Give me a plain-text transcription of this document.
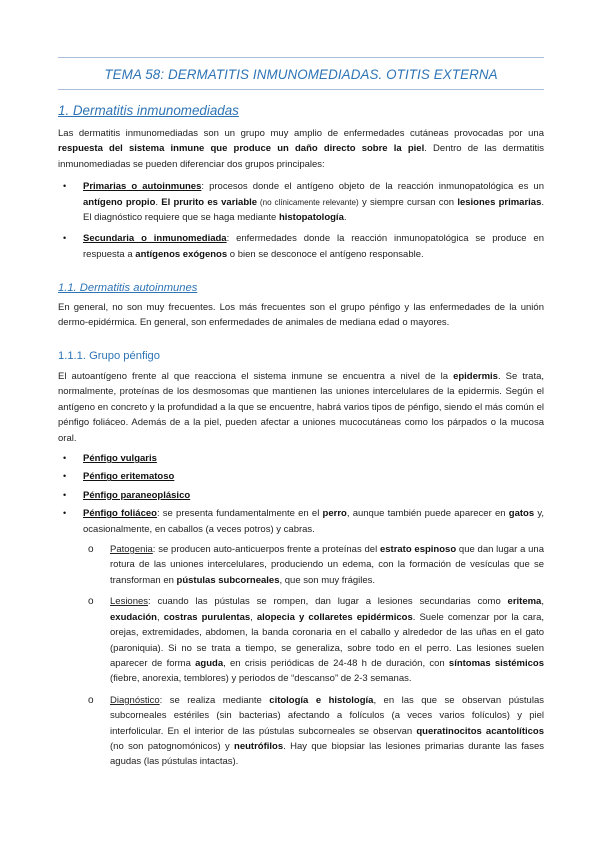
TEMA 58: DERMATITIS INMUNOMEDIADAS. OTITIS EXTERNA
1. Dermatitis inmunomediadas

Las dermatitis inmunomediadas son un grupo muy amplio de enfermedades cutáneas provocadas por una respuesta del sistema inmune que produce un daño directo sobre la piel. Dentro de las dermatitis inmunomediadas se pueden diferenciar dos grupos principales:

• Primarias o autoinmunes: procesos donde el antígeno objeto de la reacción inmunopatológica es un antígeno propio. El prurito es variable (no clínicamente relevante) y siempre cursan con lesiones primarias. El diagnóstico requiere que se haga mediante histopatología.
• Secundaria o inmunomediada: enfermedades donde la reacción inmunopatológica se produce en respuesta a antígenos exógenos o bien se desconoce el antígeno responsable.
1.1. Dermatitis autoinmunes

En general, no son muy frecuentes. Los más frecuentes son el grupo pénfigo y las enfermedades de la unión dermo-epidérmica. En general, son enfermedades de animales de mediana edad o mayores.

1.1.1. Grupo pénfigo

El autoantígeno frente al que reacciona el sistema inmune se encuentra a nivel de la epidermis. Se trata, normalmente, proteínas de los desmosomas que mantienen las uniones intercelulares de la epidermis. Según el antígeno en concreto y la profundidad a la que se encuentre, habrá varios tipos de pénfigo, siendo el más común el pénfigo foliáceo. Además de a la piel, pueden afectar a uniones mucocutáneas como los párpados o la mucosa oral.

• Pénfigo vulgaris
• Pénfigo eritematoso
• Pénfigo paraneoplásico
• Pénfigo foliáceo: se presenta fundamentalmente en el perro, aunque también puede aparecer en gatos y, ocasionalmente, en caballos (a veces potros) y cabras.
o Patogenia: se producen auto-anticuerpos frente a proteínas del estrato espinoso que dan lugar a una rotura de las uniones intercelulares, produciendo un edema, con la formación de vesículas que se transforman en pústulas subcorneales, que son muy frágiles.
o Lesiones: cuando las pústulas se rompen, dan lugar a lesiones secundarias como eritema, exudación, costras purulentas, alopecia y collaretes epidérmicos. Suele comenzar por la cara, orejas, extremidades, abdomen, la banda coronaria en el caballo y alrededor de las uñas en el gato (paroniquia). Si no se trata a tiempo, se generaliza, sobre todo en el perro. Las lesiones suelen aparecer de forma aguda, en crisis periódicas de 24-48 h de duración, con síntomas sistémicos (fiebre, anorexia, temblores) y periodos de “descanso” de 2-3 semanas.
o Diagnóstico: se realiza mediante citología e histología, en las que se observan pústulas subcorneales estériles (sin bacterias) afectando a folículos (a veces varios folículos) y piel interfolicular. En el interior de las pústulas subcorneales se observan queratinocitos acantolíticos (no son patognomónicos) y neutrófilos. Hay que biopsiar las lesiones primarias durante las fases agudas (las pústulas intactas).
